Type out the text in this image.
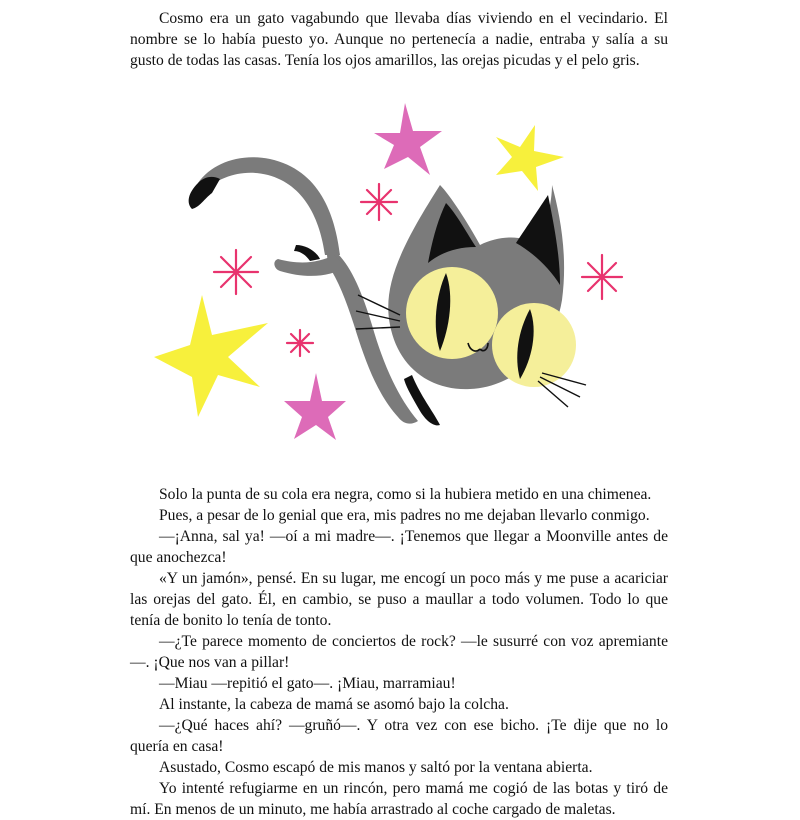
Cosmo era un gato vagabundo que llevaba días viviendo en el vecindario. El nombre se lo había puesto yo. Aunque no pertenecía a nadie, entraba y salía a su gusto de todas las casas. Tenía los ojos amarillos, las orejas picudas y el pelo gris.

Solo la punta de su cola era negra, como si la hubiera metido en una chimenea.

Pues, a pesar de lo genial que era, mis padres no me dejaban llevarlo conmigo.

—¡Anna, sal ya! —oí a mi madre—. ¡Tenemos que llegar a Moonville antes de que anochezca!

«Y un jamón», pensé. En su lugar, me encogí un poco más y me puse a acariciar las orejas del gato. Él, en cambio, se puso a maullar a todo volumen. Todo lo que tenía de bonito lo tenía de tonto.

—¿Te parece momento de conciertos de rock? —le susurré con voz apremiante—. ¡Que nos van a pillar!

—Miau —repitió el gato—. ¡Miau, marramiau!

Al instante, la cabeza de mamá se asomó bajo la colcha.

—¿Qué haces ahí? —gruñó—. Y otra vez con ese bicho. ¡Te dije que no lo quería en casa!

Asustado, Cosmo escapó de mis manos y saltó por la ventana abierta.

Yo intenté refugiarme en un rincón, pero mamá me cogió de las botas y tiró de mí. En menos de un minuto, me había arrastrado al coche cargado de maletas.
